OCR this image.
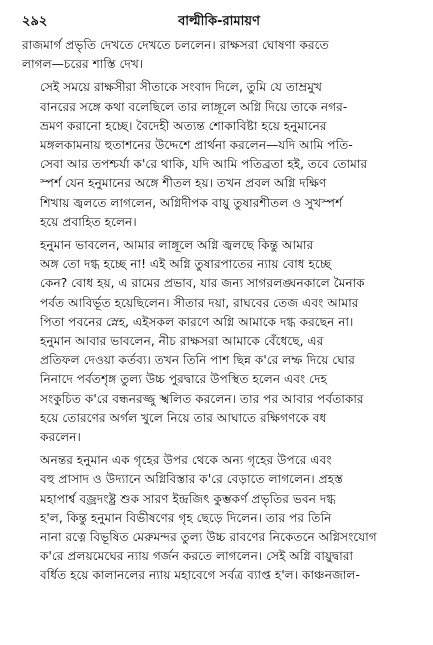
২৯২	বাল্মীকি-রামায়ণ

রাজমার্গ প্রভৃতি দেখতে দেখতে চললেন। রাক্ষসরা ঘোষণা করতে
লাগল—চরের শাস্তি দেখ।

সেই সময়ে রাক্ষসীরা সীতাকে সংবাদ দিলে, তুমি যে তাম্রমুখ
বানরের সঙ্গে কথা বলেছিলে তার লাঙ্গূলে অগ্নি দিয়ে তাকে নগর-
ভ্রমণ করানো হচ্ছে। বৈদেহী অত্যন্ত শোকাবিষ্টা হয়ে হনুমানের
মঙ্গলকামনায় হুতাশনের উদ্দেশে প্রার্থনা করলেন—যদি আমি পতি-
সেবা আর তপশ্চর্যা ক'রে থাকি, যদি আমি পতিব্রতা হই, তবে তোমার
স্পর্শ যেন হনুমানের অঙ্গে শীতল হয়। তখন প্রবল অগ্নি দক্ষিণ
শিখায় জ্বলতে লাগলেন, অগ্নিদীপক বায়ু তুষারশীতল ও সুখস্পর্শ
হয়ে প্রবাহিত হলেন।

হনুমান ভাবলেন, আমার লাঙ্গূলে অগ্নি জ্বলছে কিন্তু আমার
অঙ্গ তো দগ্ধ হচ্ছে না! এই অগ্নি তুষারপাতের ন্যায় বোধ হচ্ছে
কেন? বোধ হয়, এ রামের প্রভাব, যার জন্য সাগরলঙ্ঘনকালে মৈনাক
পর্বত আবির্ভূত হয়েছিলেন। সীতার দয়া, রাঘবের তেজ এবং আমার
পিতা পবনের স্নেহ, এইসকল কারণে অগ্নি আমাকে দগ্ধ করছেন না।
হনুমান আবার ভাবলেন, নীচ রাক্ষসরা আমাকে বেঁধেছে, এর
প্রতিফল দেওয়া কর্তব্য। তখন তিনি পাশ ছিন্ন ক'রে লম্ফ দিয়ে ঘোর
নিনাদে পর্বতশৃঙ্গ তুল্য উচ্চ পুরদ্বারে উপস্থিত হলেন এবং দেহ
সংকুচিত ক'রে বন্ধনরজ্জু স্খলিত করলেন। তার পর আবার পর্বতাকার
হয়ে তোরণের অর্গল খুলে নিয়ে তার আঘাতে রক্ষিগণকে বধ
করলেন।

অনন্তর হনুমান এক গৃহের উপর থেকে অন্য গৃহের উপরে এবং
বহু প্রাসাদ ও উদ্যানে অগ্নিবিস্তার ক'রে বেড়াতে লাগলেন। প্রহস্ত
মহাপার্শ্ব বজ্রদংষ্ট্র শুক সারণ ইন্দ্রজিৎ কুম্ভকর্ণ প্রভৃতির ভবন দগ্ধ
হ'ল, কিন্তু হনুমান বিভীষণের গৃহ ছেড়ে দিলেন। তার পর তিনি
নানা রত্নে বিভূষিত মেরুমন্দর তুল্য উচ্চ রাবণের নিকেতনে অগ্নিসংযোগ
ক'রে প্রলয়মেঘের ন্যায় গর্জন করতে লাগলেন। সেই অগ্নি বায়ুদ্বারা
বর্ধিত হয়ে কালানলের ন্যায় মহাবেগে সর্বত্র ব্যাপ্ত হ'ল। কাঞ্চনজাল-
